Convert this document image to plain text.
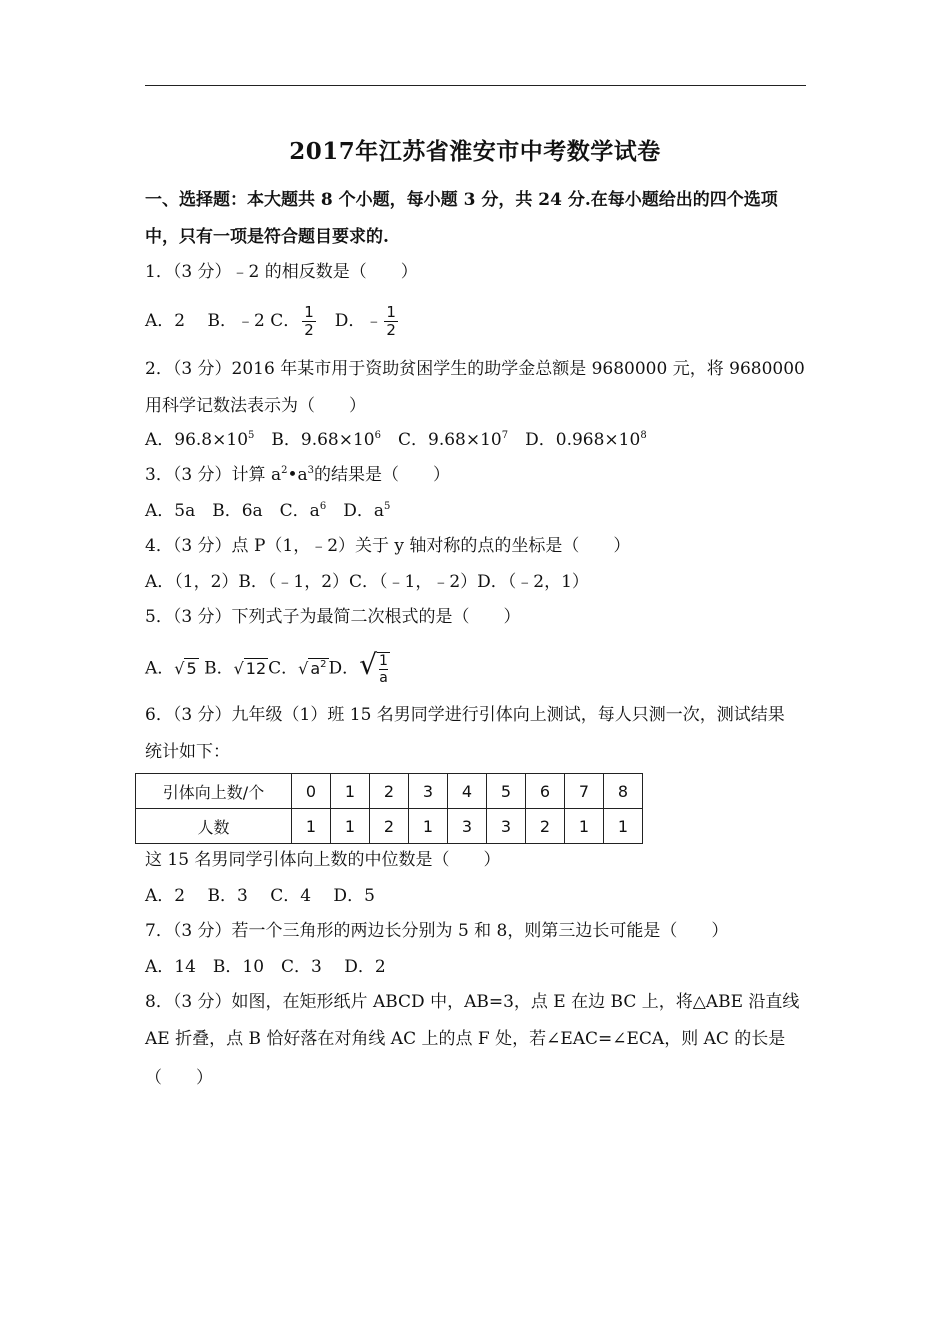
2017年江苏省淮安市中考数学试卷
一、选择题：本大题共 8 个小题，每小题 3 分，共 24 分.在每小题给出的四个选项
中，只有一项是符合题目要求的.
1．（3 分）﹣2 的相反数是（　　）
A．2　 B．﹣2 C． $\frac{1}{2}$ 　D．﹣ $\frac{1}{2}$
2．（3 分）2016 年某市用于资助贫困学生的助学金总额是 9680000 元，将 9680000
用科学记数法表示为（　　）
A．$96.8\times 10^5$　B．$9.68\times 10^6$　C．$9.68\times 10^7$　D．$0.968\times 10^8$
3．（3 分）计算 $a^2•a^3$的结果是（　　）
A．5a　B．6a　C．$a^6$　D．$a^5$
4．（3 分）点 P（1，﹣2）关于 y 轴对称的点的坐标是（　　）
A．（1，2）B．（﹣1，2）C．（﹣1，﹣2）D．（﹣2，1）
5．（3 分）下列式子为最简二次根式的是（　　）
A．√ 5 B．√ 12 C．√ $a^2$ D．√ $\frac{1}{a}$
6．（3 分）九年级（1）班 15 名男同学进行引体向上测试，每人只测一次，测试结果
统计如下：
引体向上数/个	0	1	2	3	4	5	6	7	8
人数	1	1	2	1	3	3	2	1	1
这 15 名男同学引体向上数的中位数是（　　）
A．2　 B．3　 C．4　 D．5
7．（3 分）若一个三角形的两边长分别为 5 和 8，则第三边长可能是（　　）
A．14　B．10　C．3　 D．2
8．（3 分）如图，在矩形纸片 ABCD 中，AB=3，点 E 在边 BC 上，将△ABE 沿直线
AE 折叠，点 B 恰好落在对角线 AC 上的点 F 处，若∠EAC=∠ECA，则 AC 的长是
（　　）
